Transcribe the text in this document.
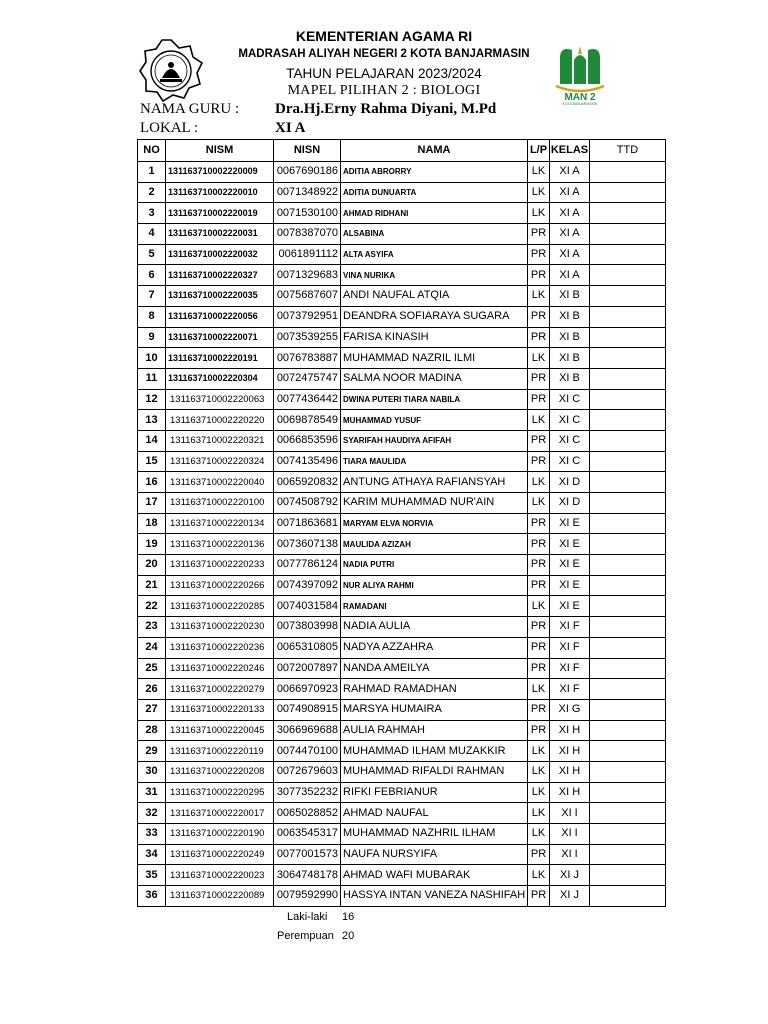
MAN 2
KOTA BANJARMASIN
KEMENTERIAN AGAMA RI
MADRASAH ALIYAH NEGERI 2 KOTA BANJARMASIN
TAHUN PELAJARAN 2023/2024
MAPEL PILIHAN 2 : BIOLOGI
NAMA GURU : Dra.Hj.Erny Rahma Diyani, M.Pd
LOKAL :	XI A
NO	NISM	NISN	NAMA	L/P	KELAS	TTD
1	131163710002220009	0067690186	ADITIA ABRORRY	LK	XI A	
2	131163710002220010	0071348922	ADITIA DUNUARTA	LK	XI A	
3	131163710002220019	0071530100	AHMAD RIDHANI	LK	XI A	
4	131163710002220031	0078387070	ALSABINA	PR	XI A	
5	131163710002220032	0061891112	ALTA ASYIFA	PR	XI A	
6	131163710002220327	0071329683	VINA NURIKA	PR	XI A	
7	131163710002220035	0075687607	ANDI NAUFAL ATQIA	LK	XI B	
8	131163710002220056	0073792951	DEANDRA SOFIARAYA SUGARA	PR	XI B	
9	131163710002220071	0073539255	FARISA KINASIH	PR	XI B	
10	131163710002220191	0076783887	MUHAMMAD NAZRIL ILMI	LK	XI B	
11	131163710002220304	0072475747	SALMA NOOR MADINA	PR	XI B	
12	131163710002220063	0077436442	DWINA PUTERI TIARA NABILA	PR	XI C	
13	131163710002220220	0069878549	MUHAMMAD YUSUF	LK	XI C	
14	131163710002220321	0066853596	SYARIFAH HAUDIYA AFIFAH	PR	XI C	
15	131163710002220324	0074135496	TIARA MAULIDA	PR	XI C	
16	131163710002220040	0065920832	ANTUNG ATHAYA RAFIANSYAH	LK	XI D	
17	131163710002220100	0074508792	KARIM MUHAMMAD NUR'AIN	LK	XI D	
18	131163710002220134	0071863681	MARYAM ELVA NORVIA	PR	XI E	
19	131163710002220136	0073607138	MAULIDA AZIZAH	PR	XI E	
20	131163710002220233	0077786124	NADIA PUTRI	PR	XI E	
21	131163710002220266	0074397092	NUR ALIYA RAHMI	PR	XI E	
22	131163710002220285	0074031584	RAMADANI	LK	XI E	
23	131163710002220230	0073803998	NADIA AULIA	PR	XI F	
24	131163710002220236	0065310805	NADYA AZZAHRA	PR	XI F	
25	131163710002220246	0072007897	NANDA AMEILYA	PR	XI F	
26	131163710002220279	0066970923	RAHMAD RAMADHAN	LK	XI F	
27	131163710002220133	0074908915	MARSYA HUMAIRA	PR	XI G	
28	131163710002220045	3066969688	AULIA RAHMAH	PR	XI H	
29	131163710002220119	0074470100	MUHAMMAD ILHAM MUZAKKIR	LK	XI H	
30	131163710002220208	0072679603	MUHAMMAD RIFALDI RAHMAN	LK	XI H	
31	131163710002220295	3077352232	RIFKI FEBRIANUR	LK	XI H	
32	131163710002220017	0065028852	AHMAD NAUFAL	LK	XI I	
33	131163710002220190	0063545317	MUHAMMAD NAZHRIL ILHAM	LK	XI I	
34	131163710002220249	0077001573	NAUFA NURSYIFA	PR	XI I	
35	131163710002220023	3064748178	AHMAD WAFI MUBARAK	LK	XI J	
36	131163710002220089	0079592990	HASSYA INTAN VANEZA NASHIFAH	PR	XI J	
Laki-laki 16
Perempuan 20
